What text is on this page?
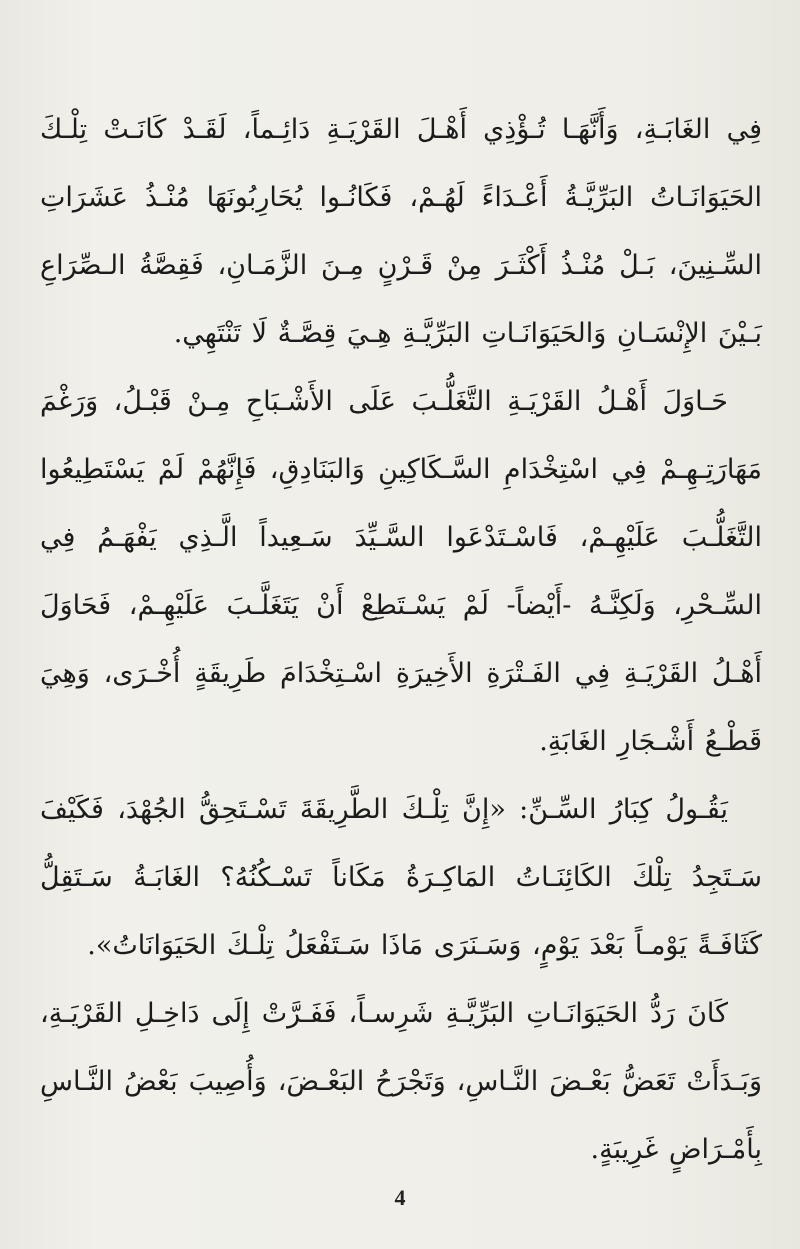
فِي الغَابَـةِ، وَأَنَّهَـا تُـؤْذِي أَهْـلَ القَرْيَـةِ دَائِـماً، لَقَـدْ كَانَـتْ تِلْـكَ الحَيَوَانَـاتُ البَرِّيَّـةُ أَعْـدَاءً لَهُـمْ، فَكَانُـوا يُحَارِبُونَهَا مُنْـذُ عَشَرَاتِ السِّـنِينَ، بَـلْ مُنْـذُ أَكْثَـرَ مِنْ قَـرْنٍ مِـنَ الزَّمَـانِ، فَقِصَّةُ الـصِّرَاعِ بَـيْنَ الإِنْسَـانِ وَالحَيَوَانَـاتِ البَرِّيَّـةِ هِـيَ قِصَّـةٌ لَا تَنْتَهِي.

حَـاوَلَ أَهْـلُ القَرْيَـةِ التَّغَلُّـبَ عَلَى الأَشْـبَاحِ مِـنْ قَبْـلُ، وَرَغْمَ مَهَارَتِـهِـمْ فِي اسْتِخْدَامِ السَّـكَاكِينِ وَالبَنَادِقِ، فَإِنَّهُمْ لَمْ يَسْتَطِيعُوا التَّغَلُّـبَ عَلَيْهِـمْ، فَاسْـتَدْعَوا السَّـيِّدَ سَـعِيداً الَّـذِي يَفْهَـمُ فِي السِّـحْرِ، وَلَكِنَّـهُ -أَيْضاً- لَمْ يَسْـتَطِعْ أَنْ يَتَغَلَّـبَ عَلَيْهِـمْ، فَحَاوَلَ أَهْـلُ القَرْيَـةِ فِي الفَـتْرَةِ الأَخِيرَةِ اسْـتِخْدَامَ طَرِيقَةٍ أُخْـرَى، وَهِيَ قَطْـعُ أَشْـجَارِ الغَابَةِ.

يَقُـولُ كِبَارُ السِّـنِّ: «إِنَّ تِلْـكَ الطَّرِيقَةَ تَسْـتَحِقُّ الجُهْدَ، فَكَيْفَ سَـتَجِدُ تِلْكَ الكَائِنَـاتُ المَاكِـرَةُ مَكَاناً تَسْـكُنُهُ؟ الغَابَـةُ سَـتَقِلُّ كَثَافَـةً يَوْمـاً بَعْدَ يَوْمٍ، وَسَـنَرَى مَاذَا سَـتَفْعَلُ تِلْـكَ الحَيَوَانَاتُ».

كَانَ رَدُّ الحَيَوَانَـاتِ البَرِّيَّـةِ شَرِسـاً، فَفَـرَّتْ إِلَى دَاخِـلِ القَرْيَـةِ، وَبَـدَأَتْ تَعَضُّ بَعْـضَ النَّـاسِ، وَتَجْرَحُ البَعْـضَ، وَأُصِيبَ بَعْضُ النَّـاسِ بِأَمْـرَاضٍ غَرِيبَةٍ.

4
